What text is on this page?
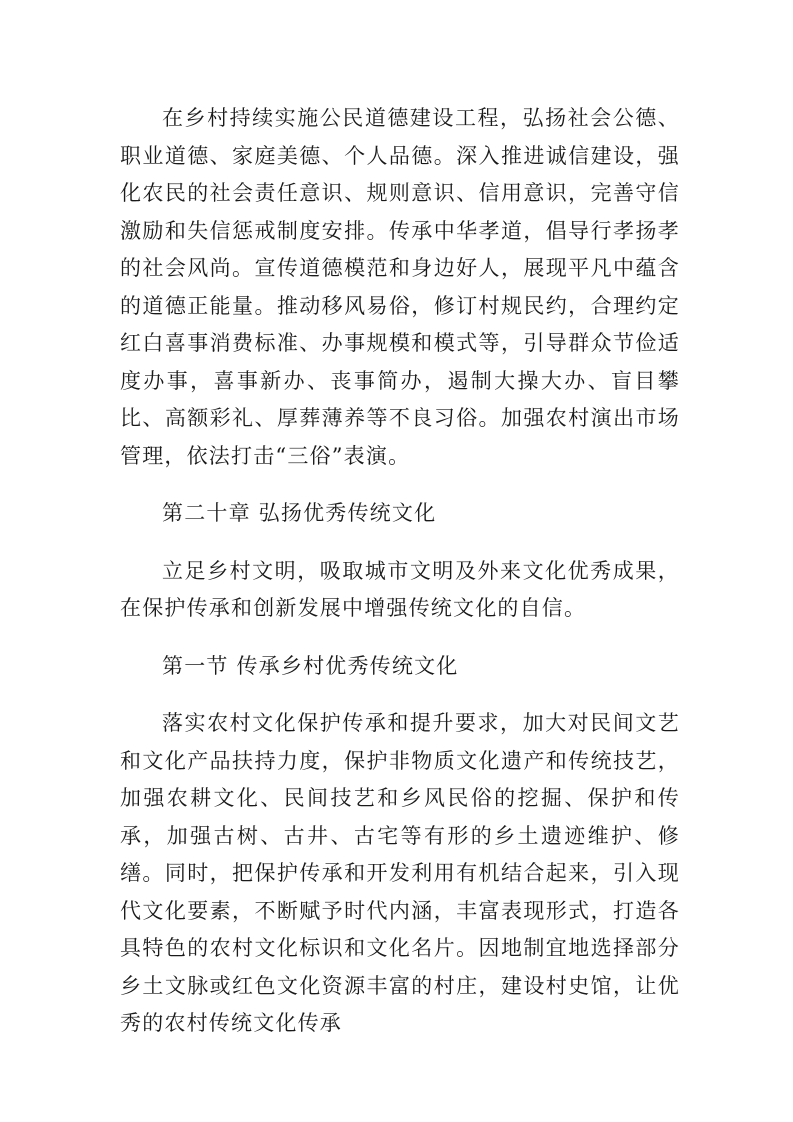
在乡村持续实施公民道德建设工程，弘扬社会公德、职业道德、家庭美德、个人品德。深入推进诚信建设，强化农民的社会责任意识、规则意识、信用意识，完善守信激励和失信惩戒制度安排。传承中华孝道，倡导行孝扬孝的社会风尚。宣传道德模范和身边好人，展现平凡中蕴含的道德正能量。推动移风易俗，修订村规民约，合理约定红白喜事消费标准、办事规模和模式等，引导群众节俭适度办事，喜事新办、丧事简办，遏制大操大办、盲目攀比、高额彩礼、厚葬薄养等不良习俗。加强农村演出市场管理，依法打击“三俗”表演。

第二十章 弘扬优秀传统文化

立足乡村文明，吸取城市文明及外来文化优秀成果，在保护传承和创新发展中增强传统文化的自信。

第一节 传承乡村优秀传统文化

落实农村文化保护传承和提升要求，加大对民间文艺和文化产品扶持力度，保护非物质文化遗产和传统技艺，加强农耕文化、民间技艺和乡风民俗的挖掘、保护和传承，加强古树、古井、古宅等有形的乡土遗迹维护、修缮。同时，把保护传承和开发利用有机结合起来，引入现代文化要素，不断赋予时代内涵，丰富表现形式，打造各具特色的农村文化标识和文化名片。因地制宜地选择部分乡土文脉或红色文化资源丰富的村庄，建设村史馆，让优秀的农村传统文化传承
